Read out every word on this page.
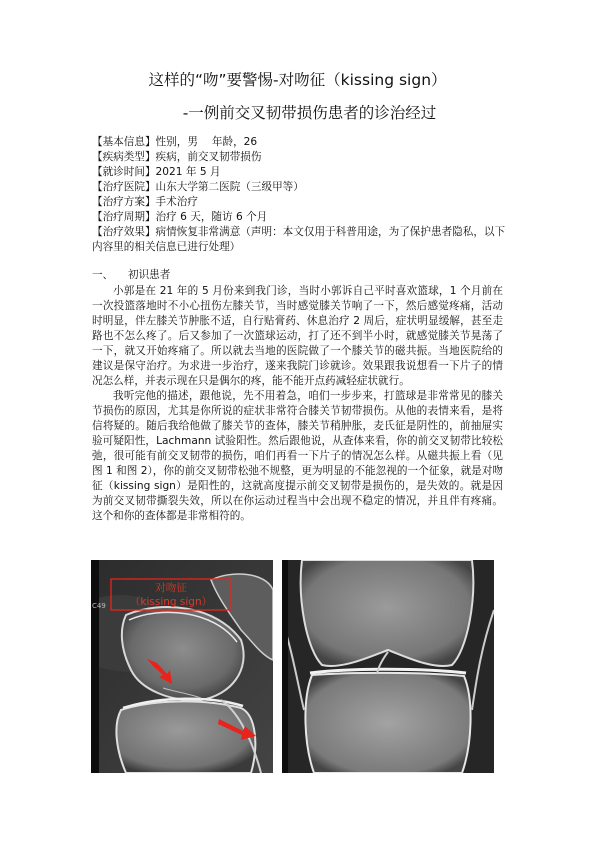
这样的“吻”要警惕-对吻征（kissing sign）
-一例前交叉韧带损伤患者的诊治经过
【基本信息】性别，男　 年龄，26
【疾病类型】疾病，前交叉韧带损伤
【就诊时间】2021 年 5 月
【治疗医院】山东大学第二医院（三级甲等）
【治疗方案】手术治疗
【治疗周期】治疗 6 天，随访 6 个月
【治疗效果】病情恢复非常满意（声明：本文仅用于科普用途，为了保护患者隐私，以下内容里的相关信息已进行处理）
一、 初识患者

小郭是在 21 年的 5 月份来到我门诊，当时小郭诉自己平时喜欢篮球，1 个月前在一次投篮落地时不小心扭伤左膝关节，当时感觉膝关节响了一下，然后感觉疼痛，活动时明显，伴左膝关节肿胀不适，自行贴膏药、休息治疗 2 周后，症状明显缓解，甚至走路也不怎么疼了。后又参加了一次篮球运动，打了还不到半小时，就感觉膝关节晃荡了一下，就又开始疼痛了。所以就去当地的医院做了一个膝关节的磁共振。当地医院给的建议是保守治疗。为求进一步治疗，遂来我院门诊就诊。效果跟我说想看一下片子的情况怎么样，并表示现在只是偶尔的疼，能不能开点药减轻症状就行。

我听完他的描述，跟他说，先不用着急，咱们一步步来，打篮球是非常常见的膝关节损伤的原因，尤其是你所说的症状非常符合膝关节韧带损伤。从他的表情来看，是将信将疑的。随后我给他做了膝关节的查体，膝关节稍肿胀，麦氏征是阴性的，前抽屉实验可疑阳性，Lachmann 试验阳性。然后跟他说，从查体来看，你的前交叉韧带比较松弛，很可能有前交叉韧带的损伤，咱们再看一下片子的情况怎么样。从磁共振上看（见图 1 和图 2），你的前交叉韧带松弛不规整，更为明显的不能忽视的一个征象，就是对吻征（kissing sign）是阳性的，这就高度提示前交叉韧带是损伤的，是失效的。就是因为前交叉韧带撕裂失效，所以在你运动过程当中会出现不稳定的情况，并且伴有疼痛。这个和你的查体都是非常相符的。

对吻征
（kissing sign）
C49
